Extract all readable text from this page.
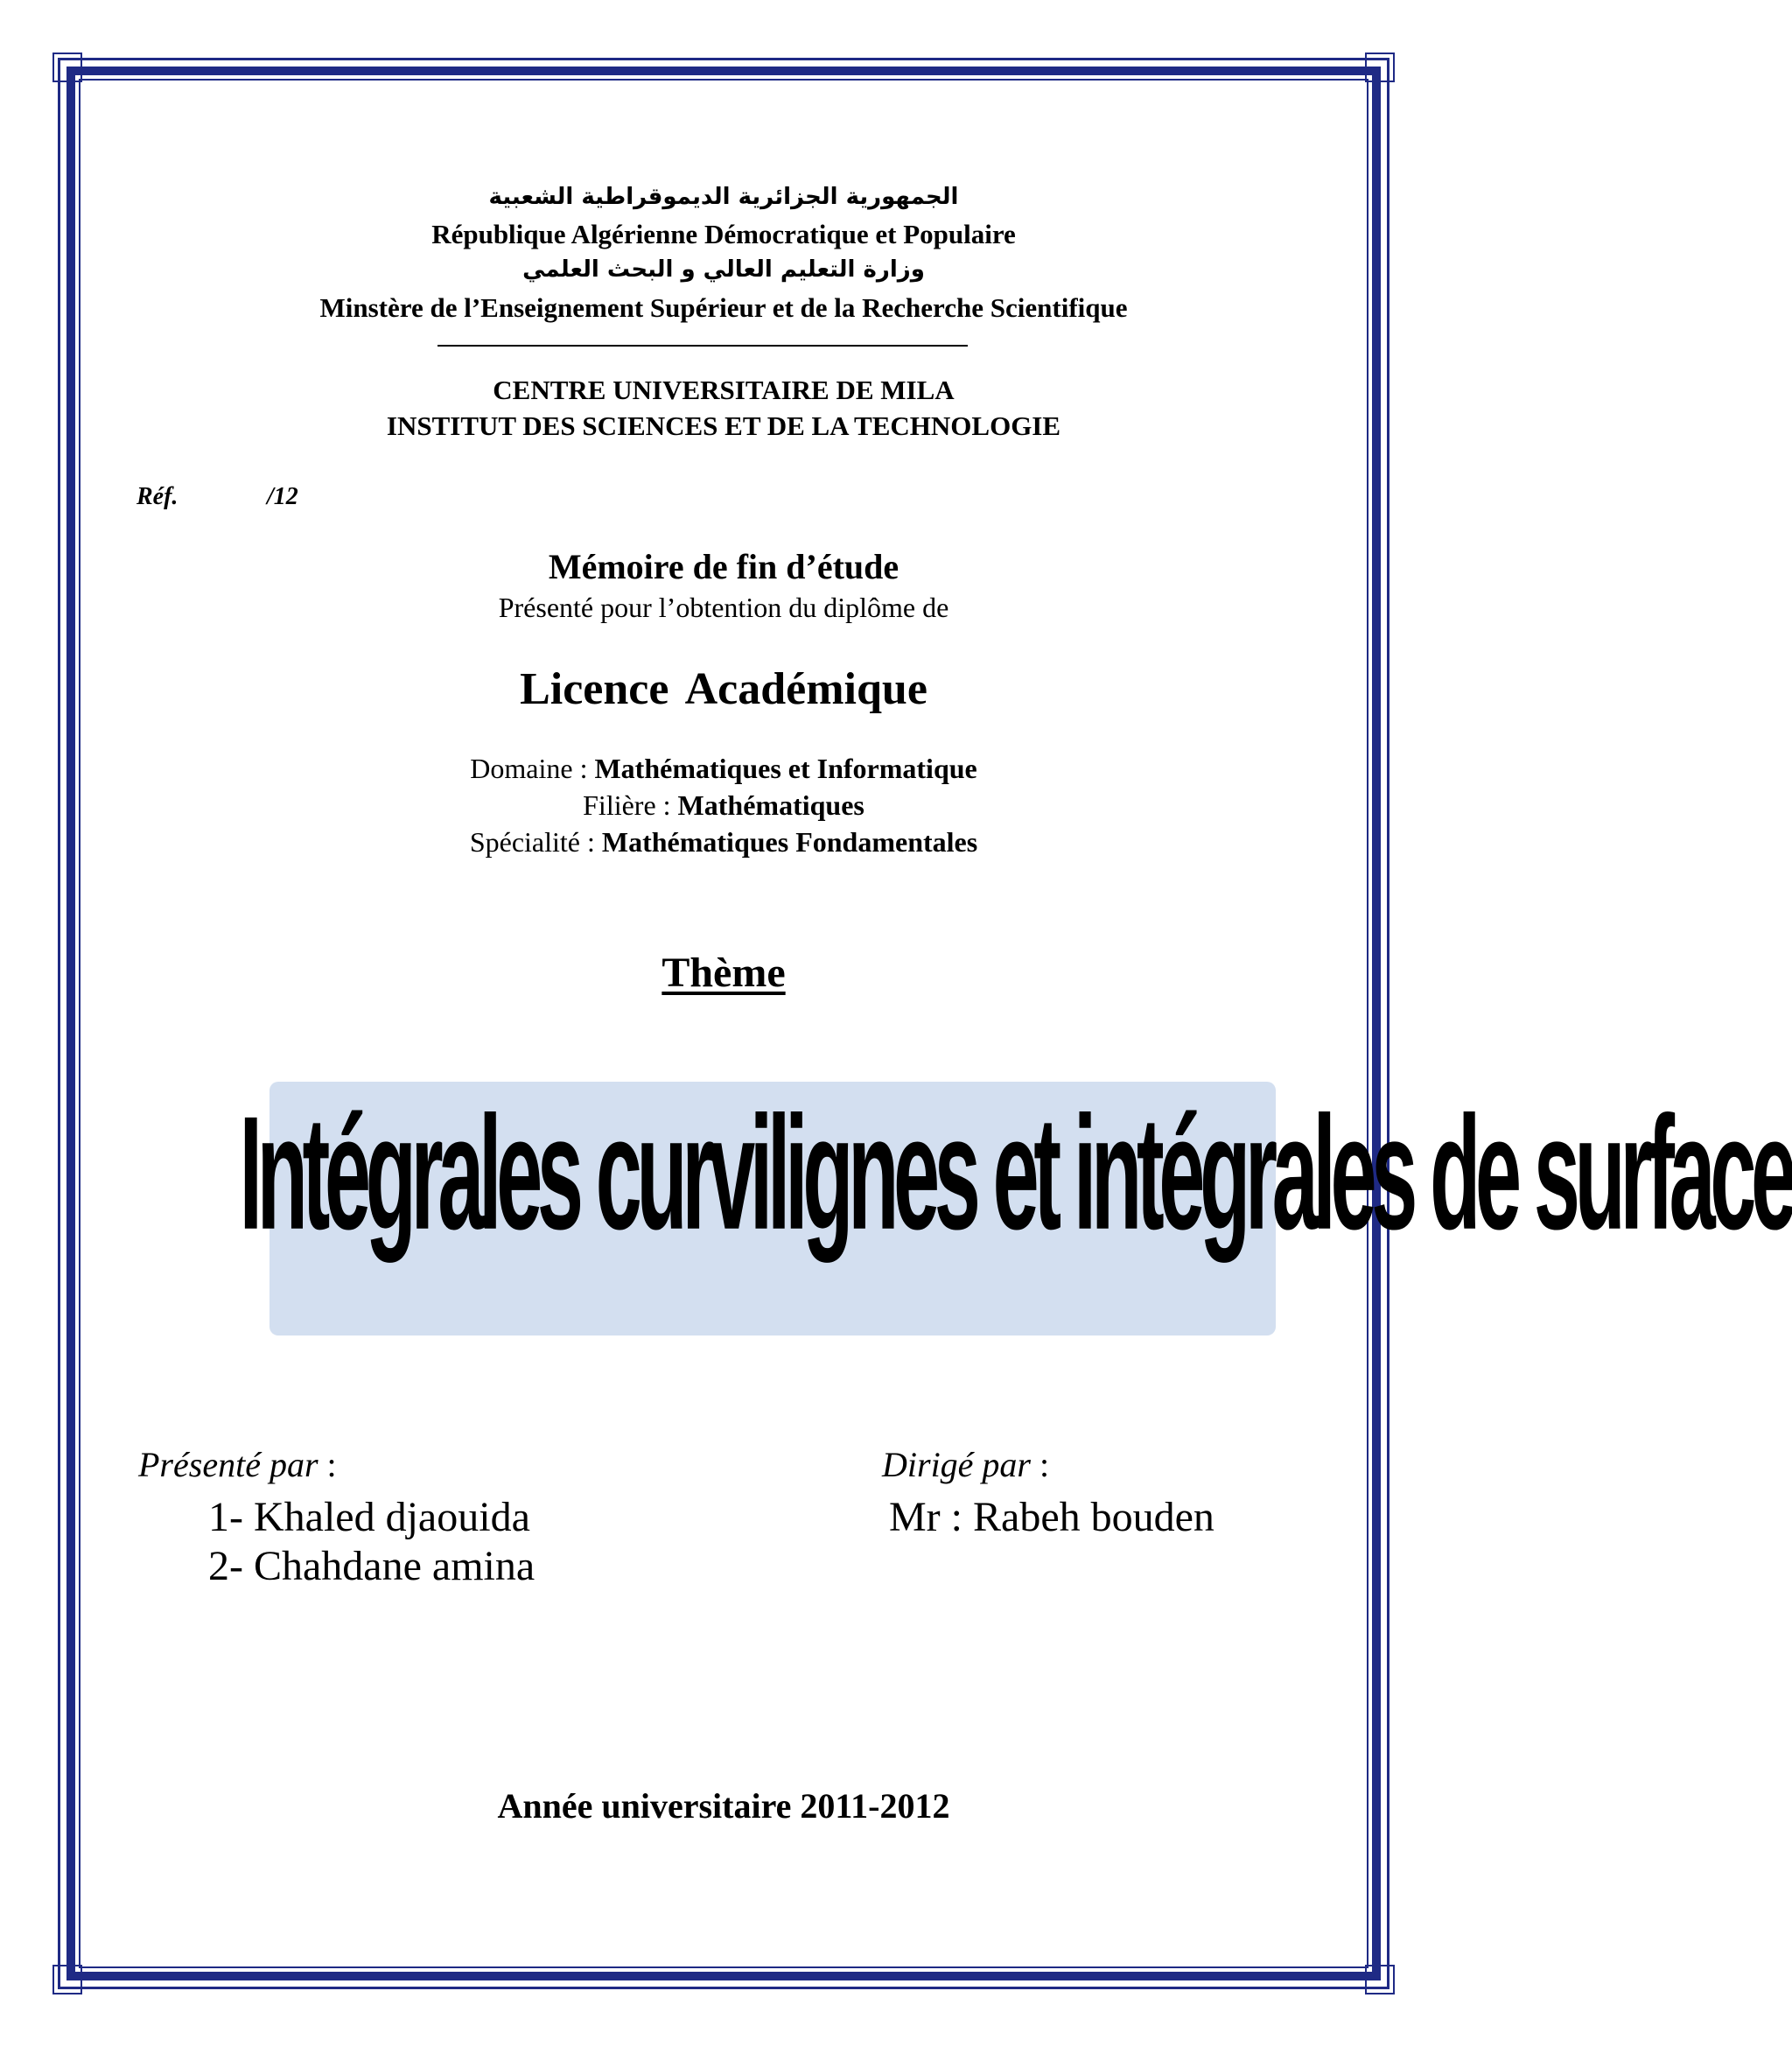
الجمهورية الجزائرية الديموقراطية الشعبية
République Algérienne Démocratique et Populaire
وزارة التعليم العالي و البحث العلمي
Minstère de l’Enseignement Supérieur et de la Recherche Scientifique
CENTRE UNIVERSITAIRE DE MILA
INSTITUT DES SCIENCES ET DE LA TECHNOLOGIE
Réf.	/12
Mémoire de fin d’étude
Présenté pour l’obtention du diplôme de
Licence Académique
Domaine : Mathématiques et Informatique
Filière : Mathématiques
Spécialité : Mathématiques Fondamentales
Thème
Intégrales curvilignes et intégrales de surface
Présenté par :
1- Khaled djaouida
2- Chahdane amina
Dirigé par :
Mr : Rabeh bouden
Année universitaire 2011-2012
